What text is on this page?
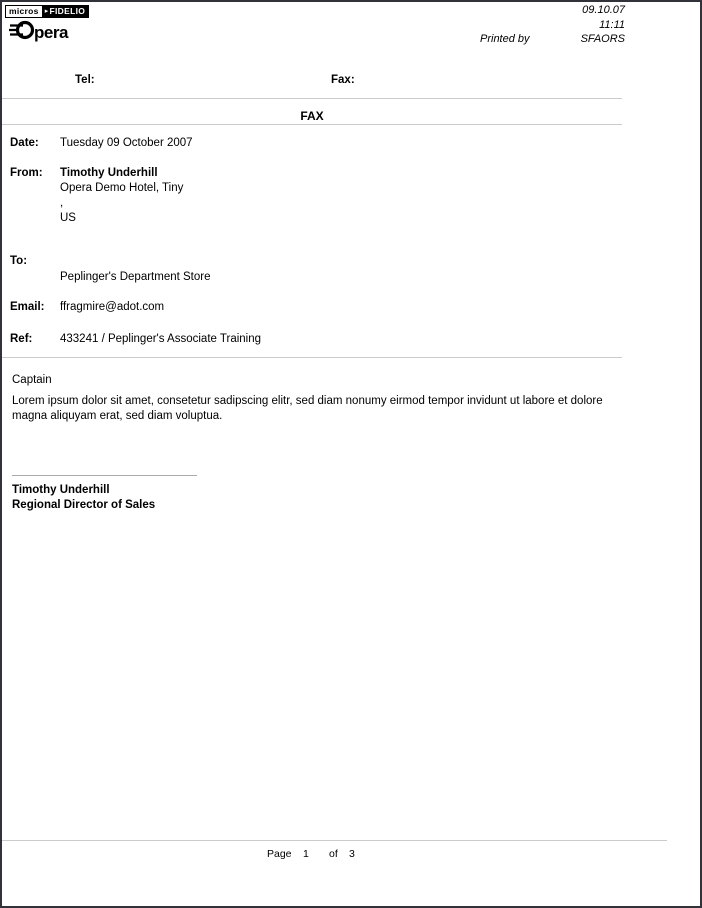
micros ▸ FIDELIO
pera
09.10.07
11:11
Printed by	SFAORS
Tel:	Fax:
FAX
Date: Tuesday 09 October 2007
From: Timothy Underhill
Opera Demo Hotel, Tiny
,
US
To:
Peplinger's Department Store
Email: ffragmire@adot.com
Ref: 433241 / Peplinger's Associate Training
Captain
Lorem ipsum dolor sit amet, consetetur sadipscing elitr, sed diam nonumy eirmod tempor invidunt ut labore et dolore magna aliquyam erat, sed diam voluptua.
Timothy Underhill
Regional Director of Sales
Page 1 of 3
